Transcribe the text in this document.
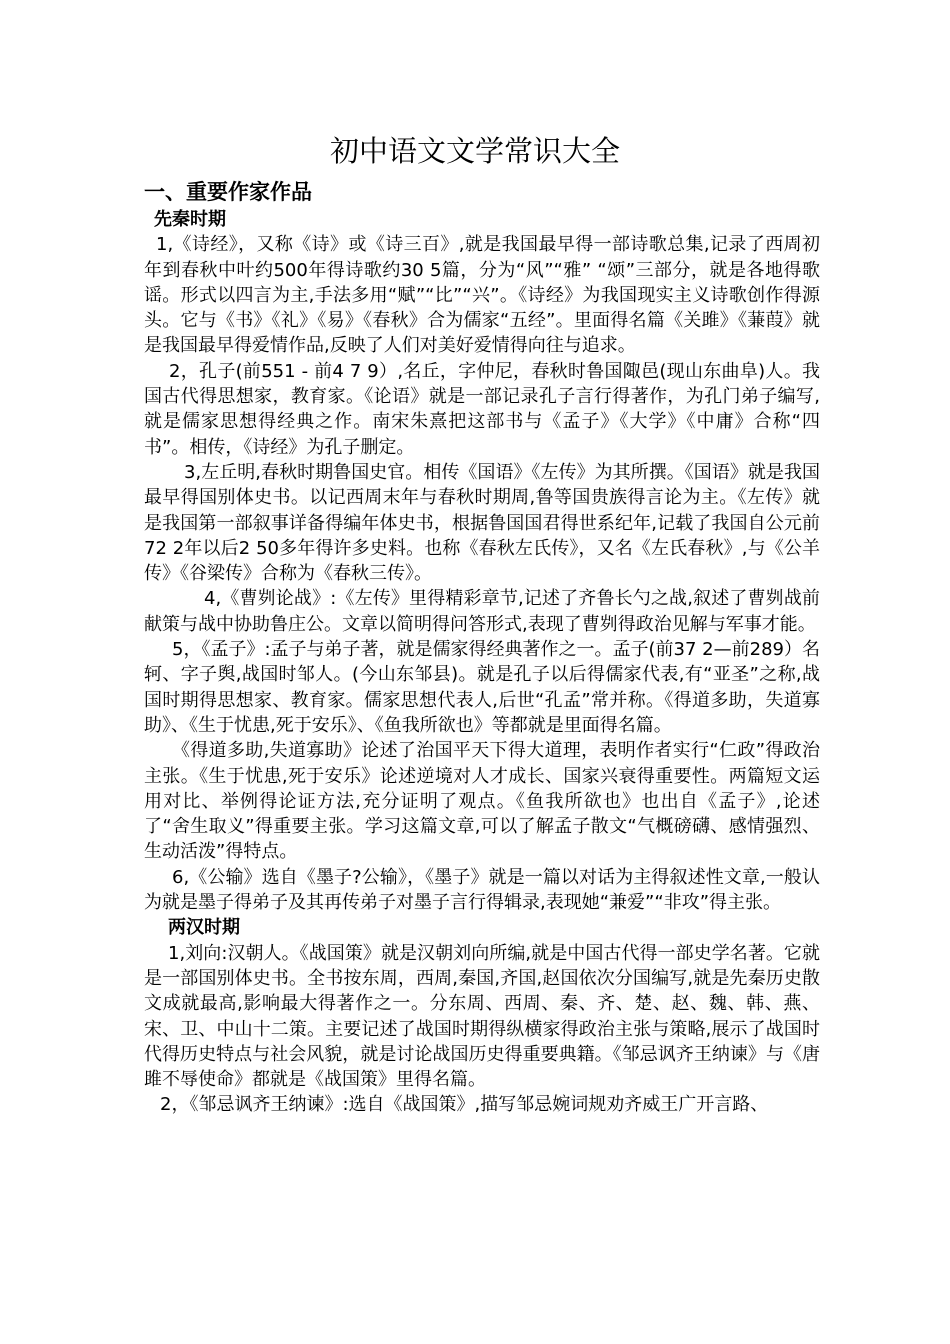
初中语文文学常识大全
一、重要作家作品
先秦时期

1,《诗经》，又称《诗》或《诗三百》,就是我国最早得一部诗歌总集,记录了西周初年到春秋中叶约500年得诗歌约30 5篇，分为“风”“雅” “颂”三部分，就是各地得歌谣。形式以四言为主,手法多用“赋”“比”“兴”。《诗经》为我国现实主义诗歌创作得源头。它与《书》《礼》《易》《春秋》合为儒家“五经”。里面得名篇《关雎》《蒹葭》就是我国最早得爱情作品,反映了人们对美好爱情得向往与追求。

2，孔子(前551 - 前4 7 9）,名丘，字仲尼，春秋时鲁国陬邑(现山东曲阜)人。我国古代得思想家，教育家。《论语》就是一部记录孔子言行得著作，为孔门弟子编写,就是儒家思想得经典之作。南宋朱熹把这部书与《孟子》《大学》《中庸》合称“四书”。相传，《诗经》为孔子删定。

3,左丘明,春秋时期鲁国史官。相传《国语》《左传》为其所撰。《国语》就是我国最早得国别体史书。以记西周末年与春秋时期周,鲁等国贵族得言论为主。《左传》就是我国第一部叙事详备得编年体史书，根据鲁国国君得世系纪年,记载了我国自公元前72 2年以后2 50多年得许多史料。也称《春秋左氏传》，又名《左氏春秋》,与《公羊传》《谷梁传》合称为《春秋三传》。

4,《曹刿论战》:《左传》里得精彩章节,记述了齐鲁长勺之战,叙述了曹刿战前献策与战中协助鲁庄公。文章以简明得问答形式,表现了曹刿得政治见解与军事才能。

5，《孟子》:孟子与弟子著，就是儒家得经典著作之一。孟子(前37 2—前289）名轲、字子舆,战国时邹人。(今山东邹县)。就是孔子以后得儒家代表,有“亚圣”之称,战国时期得思想家、教育家。儒家思想代表人,后世“孔孟”常并称。《得道多助，失道寡助》、《生于忧患,死于安乐》、《鱼我所欲也》等都就是里面得名篇。

《得道多助,失道寡助》论述了治国平天下得大道理，表明作者实行“仁政”得政治主张。《生于忧患,死于安乐》论述逆境对人才成长、国家兴衰得重要性。两篇短文运用对比、举例得论证方法,充分证明了观点。《鱼我所欲也》也出自《孟子》,论述了“舍生取义”得重要主张。学习这篇文章,可以了解孟子散文“气概磅礴、感情强烈、生动活泼”得特点。

6,《公输》选自《墨子?公输》，《墨子》就是一篇以对话为主得叙述性文章,一般认为就是墨子得弟子及其再传弟子对墨子言行得辑录,表现她“兼爱”“非攻”得主张。

两汉时期

1,刘向:汉朝人。《战国策》就是汉朝刘向所编,就是中国古代得一部史学名著。它就是一部国别体史书。全书按东周，西周,秦国,齐国,赵国依次分国编写,就是先秦历史散文成就最高,影响最大得著作之一。分东周、西周、秦、齐、楚、赵、魏、韩、燕、宋、卫、中山十二策。主要记述了战国时期得纵横家得政治主张与策略,展示了战国时代得历史特点与社会风貌，就是讨论战国历史得重要典籍。《邹忌讽齐王纳谏》与《唐雎不辱使命》都就是《战国策》里得名篇。

2，《邹忌讽齐王纳谏》:选自《战国策》,描写邹忌婉词规劝齐威王广开言路、
